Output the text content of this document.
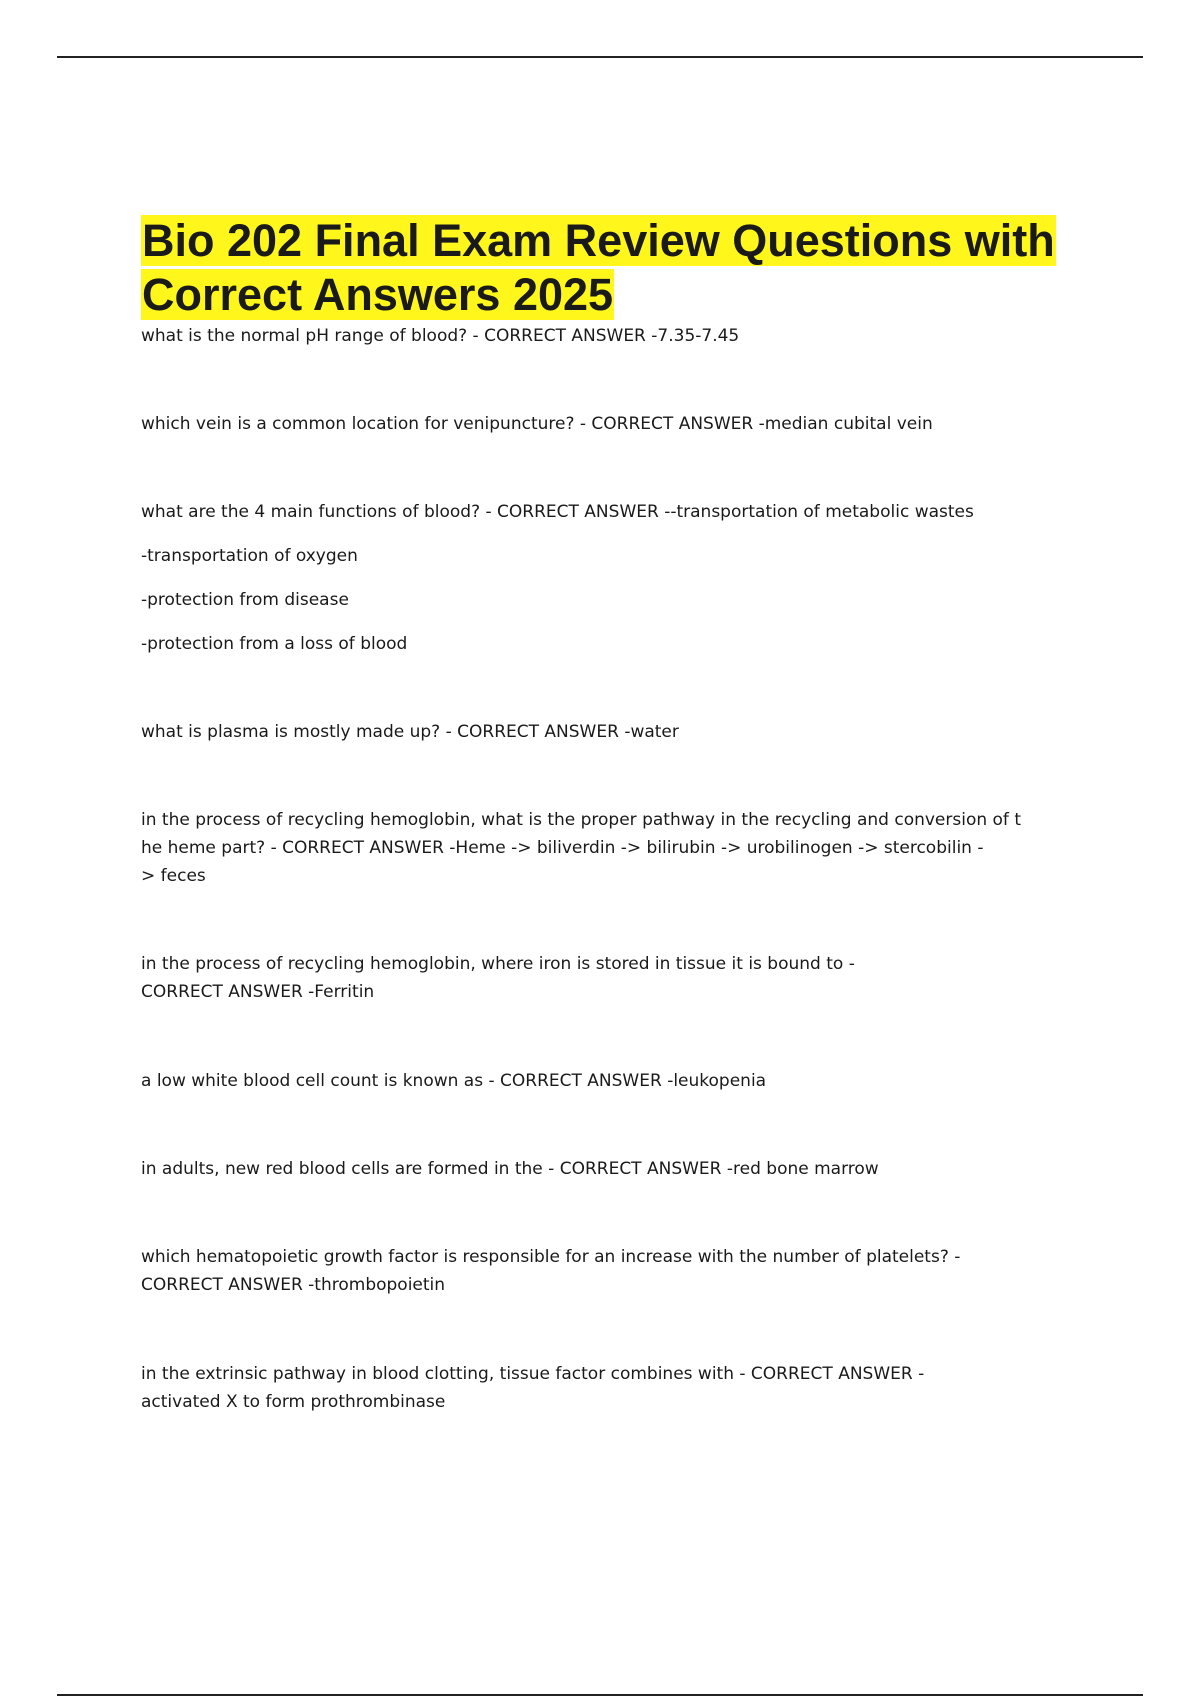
Bio 202 Final Exam Review Questions with Correct Answers 2025

what is the normal pH range of blood? - CORRECT ANSWER -7.35-7.45

which vein is a common location for venipuncture? - CORRECT ANSWER -median cubital vein

what are the 4 main functions of blood? - CORRECT ANSWER --transportation of metabolic wastes

-transportation of oxygen

-protection from disease

-protection from a loss of blood

what is plasma is mostly made up? - CORRECT ANSWER -water

in the process of recycling hemoglobin, what is the proper pathway in the recycling and conversion of t
he heme part? - CORRECT ANSWER -Heme -> biliverdin -> bilirubin -> urobilinogen -> stercobilin -
> feces

in the process of recycling hemoglobin, where iron is stored in tissue it is bound to -
CORRECT ANSWER -Ferritin

a low white blood cell count is known as - CORRECT ANSWER -leukopenia

in adults, new red blood cells are formed in the - CORRECT ANSWER -red bone marrow

which hematopoietic growth factor is responsible for an increase with the number of platelets? -
CORRECT ANSWER -thrombopoietin

in the extrinsic pathway in blood clotting, tissue factor combines with - CORRECT ANSWER -
activated X to form prothrombinase
